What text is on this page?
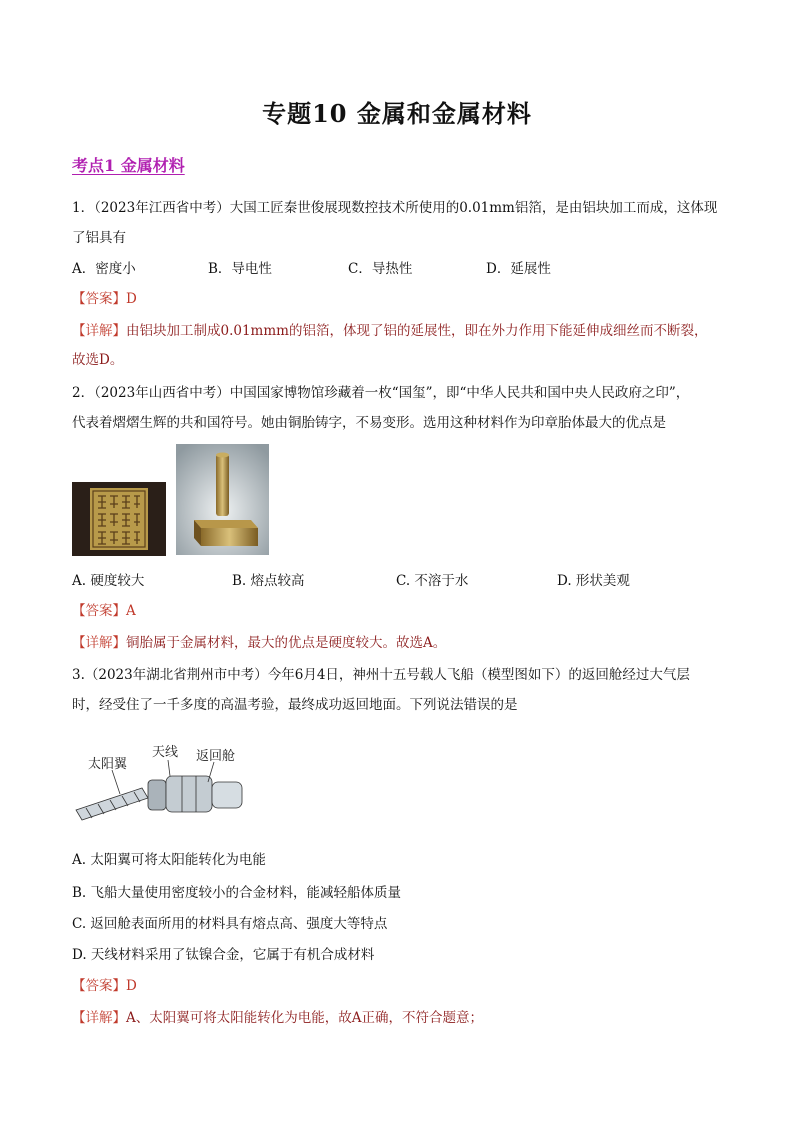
专题10 金属和金属材料
考点1 金属材料
1．（2023年江西省中考）大国工匠秦世俊展现数控技术所使用的0.01mm铝箔，是由铝块加工而成，这体现
了铝具有
A．密度小	B．导电性	C．导热性	D．延展性
【答案】D
【详解】由铝块加工制成0.01mmm的铝箔，体现了铝的延展性，即在外力作用下能延伸成细丝而不断裂，
故选D。
2．（2023年山西省中考）中国国家博物馆珍藏着一枚“国玺”，即“中华人民共和国中央人民政府之印”，
代表着熠熠生辉的共和国符号。她由铜胎铸字，不易变形。选用这种材料作为印章胎体最大的优点是
A. 硬度较大	B. 熔点较高	C. 不溶于水	D. 形状美观
【答案】A
【详解】铜胎属于金属材料，最大的优点是硬度较大。故选A。
3.（2023年湖北省荆州市中考）今年6月4日，神州十五号载人飞船（模型图如下）的返回舱经过大气层
时，经受住了一千多度的高温考验，最终成功返回地面。下列说法错误的是
太阳翼
天线 返回舱
A. 太阳翼可将太阳能转化为电能
B. 飞船大量使用密度较小的合金材料，能减轻船体质量
C. 返回舱表面所用的材料具有熔点高、强度大等特点
D. 天线材料采用了钛镍合金，它属于有机合成材料
【答案】D
【详解】A、太阳翼可将太阳能转化为电能，故A正确，不符合题意；
